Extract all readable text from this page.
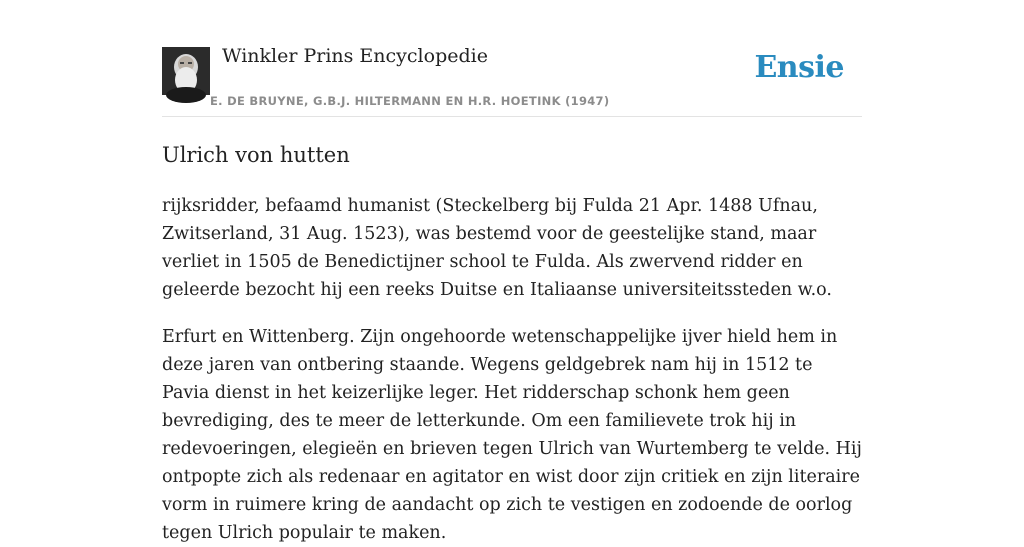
Winkler Prins Encyclopedie
E. DE BRUYNE, G.B.J. HILTERMANN EN H.R. HOETINK (1947)
Ensie
Ulrich von hutten

rijksridder, befaamd humanist (Steckelberg bij Fulda 21 Apr. 1488 Ufnau, Zwitserland, 31 Aug. 1523), was bestemd voor de geestelijke stand, maar verliet in 1505 de Benedictijner school te Fulda. Als zwervend ridder en geleerde bezocht hij een reeks Duitse en Italiaanse universiteitssteden w.o.

Erfurt en Wittenberg. Zijn ongehoorde wetenschappelijke ijver hield hem in deze jaren van ontbering staande. Wegens geldgebrek nam hij in 1512 te Pavia dienst in het keizerlijke leger. Het ridderschap schonk hem geen bevrediging, des te meer de letterkunde. Om een familievete trok hij in redevoeringen, elegieën en brieven tegen Ulrich van Wurtemberg te velde. Hij ontpopte zich als redenaar en agitator en wist door zijn critiek en zijn literaire vorm in ruimere kring de aandacht op zich te vestigen en zodoende de oorlog tegen Ulrich populair te maken.
